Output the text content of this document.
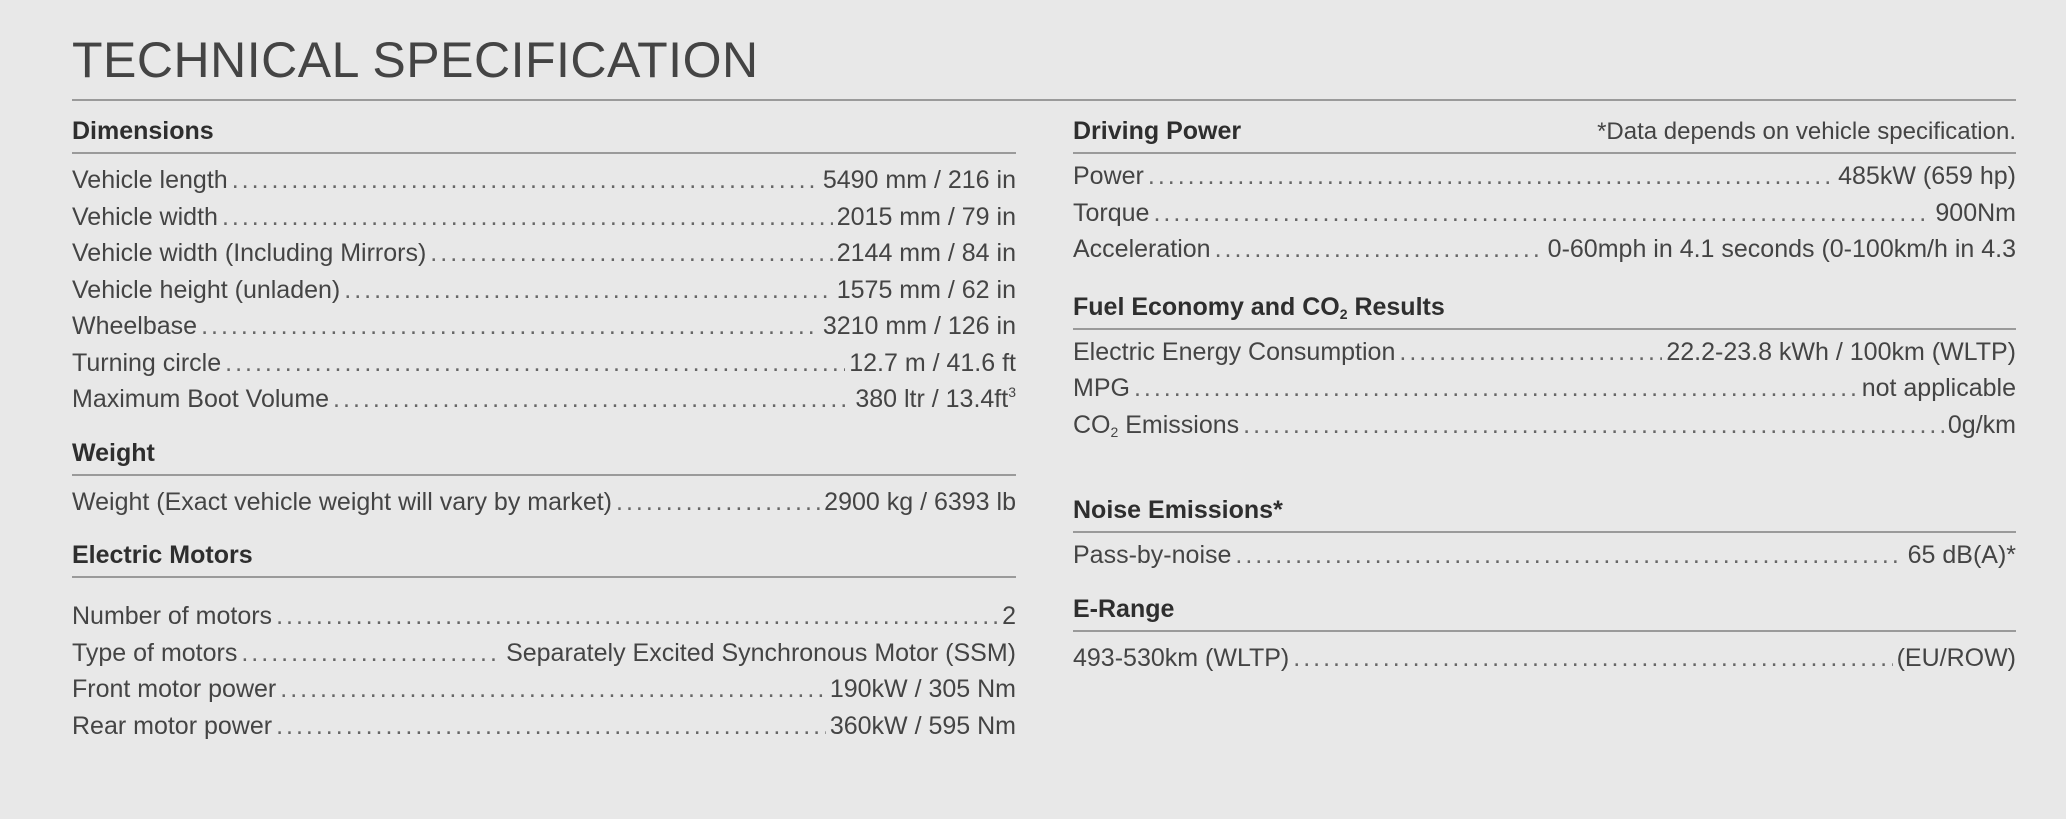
TECHNICAL SPECIFICATION
Dimensions
Vehicle length .....	5490 mm / 216 in
Vehicle width .....	2015 mm / 79 in
Vehicle width (Including Mirrors) .....	2144 mm / 84 in
Vehicle height (unladen) .....	1575 mm / 62 in
Wheelbase .....	3210 mm / 126 in
Turning circle .....	12.7 m / 41.6 ft
Maximum Boot Volume .....	380 ltr / $13.4ft^3$
Weight
Weight (Exact vehicle weight will vary by market) .....	2900 kg / 6393 lb
Electric Motors
Number of motors .....	2
Type of motors .....	Separately Excited Synchronous Motor (SSM)
Front motor power .....	190kW / 305 Nm
Rear motor power .....	360kW / 595 Nm
Driving Power	*Data depends on vehicle specification.
Power .....	485kW (659 hp)
Torque .....	900Nm
Acceleration .....	0-60mph in 4.1 seconds (0-100km/h in 4.3
Fuel Economy and $CO_2$ Results
Electric Energy Consumption .....	22.2-23.8 kWh / 100km (WLTP)
MPG .....	not applicable
$CO_2$ Emissions .....	0g/km
Noise Emissions*
Pass-by-noise .....	65 dB(A)*
E-Range
493-530km (WLTP) .....	(EU/ROW)
